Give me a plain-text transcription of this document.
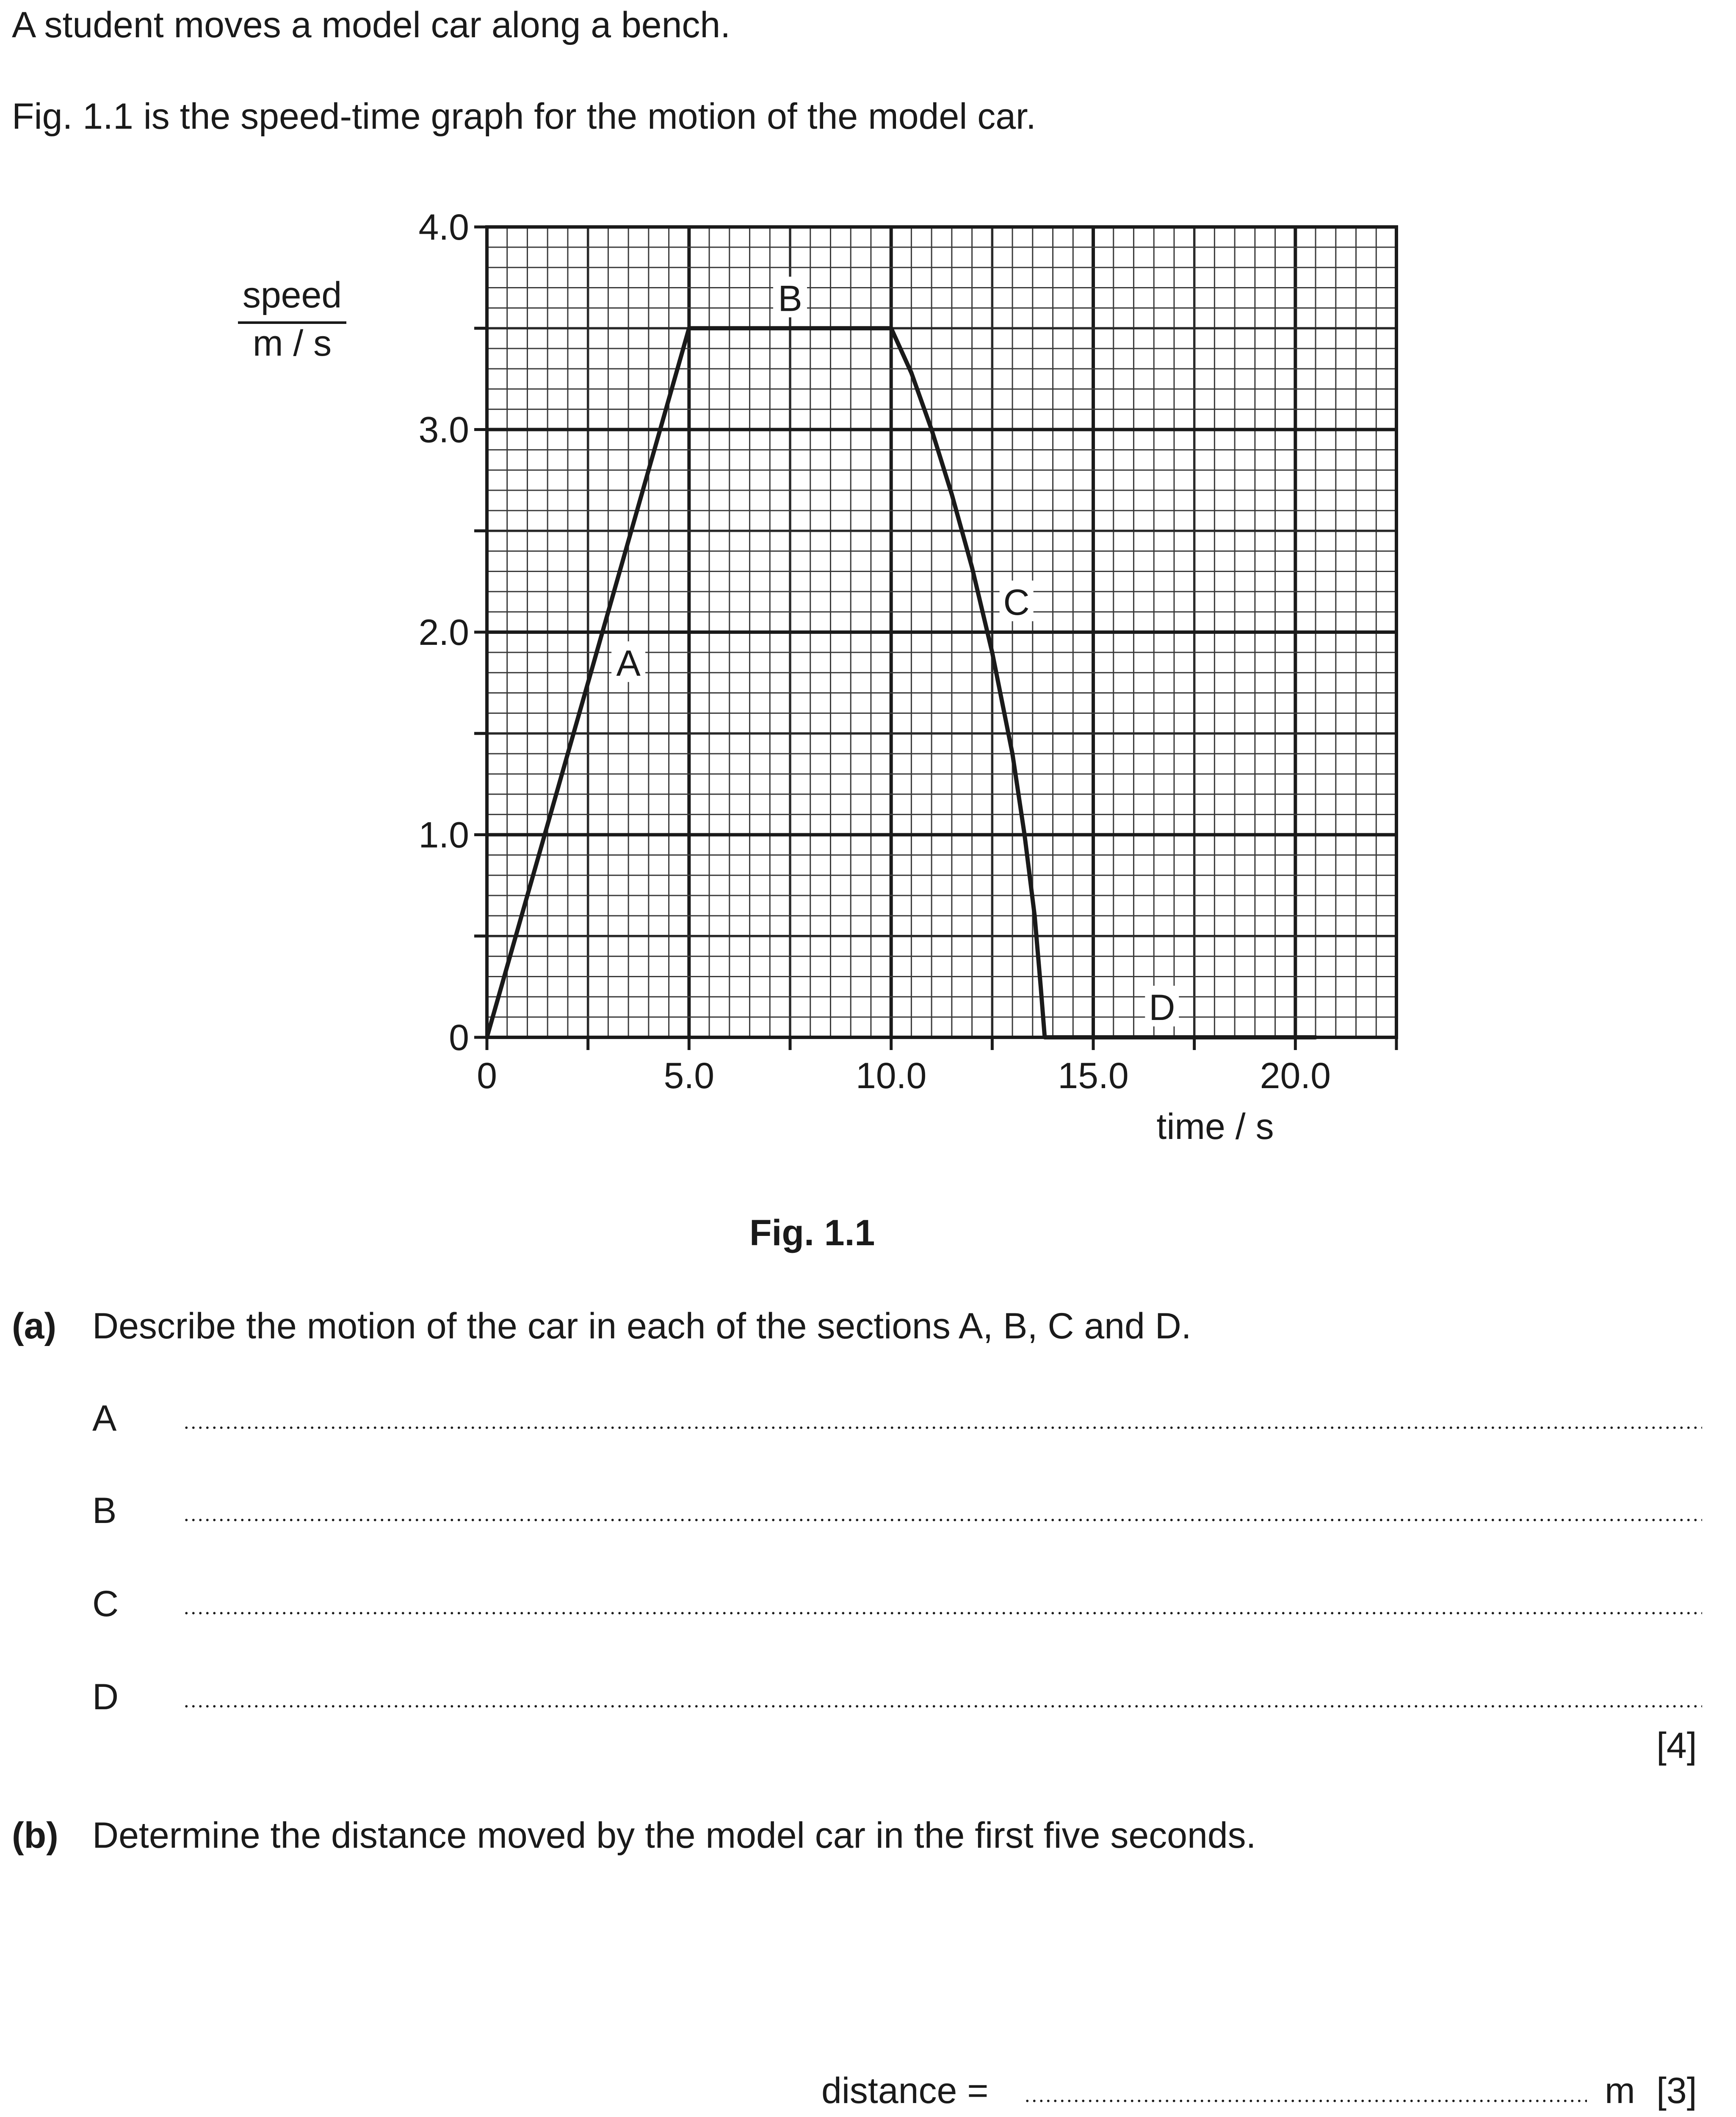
A student moves a model car along a bench.
Fig. 1.1 is the speed-time graph for the motion of the model car.
0
1.0
2.0
3.0
4.0
0	5.0	10.0	15.0	20.0
speed
m / s
time / s
A
B
C
D
Fig. 1.1
(a) Describe the motion of the car in each of the sections A, B, C and D.
A
B
C
D
[4]
(b) Determine the distance moved by the model car in the first five seconds.
distance =	m [3]
